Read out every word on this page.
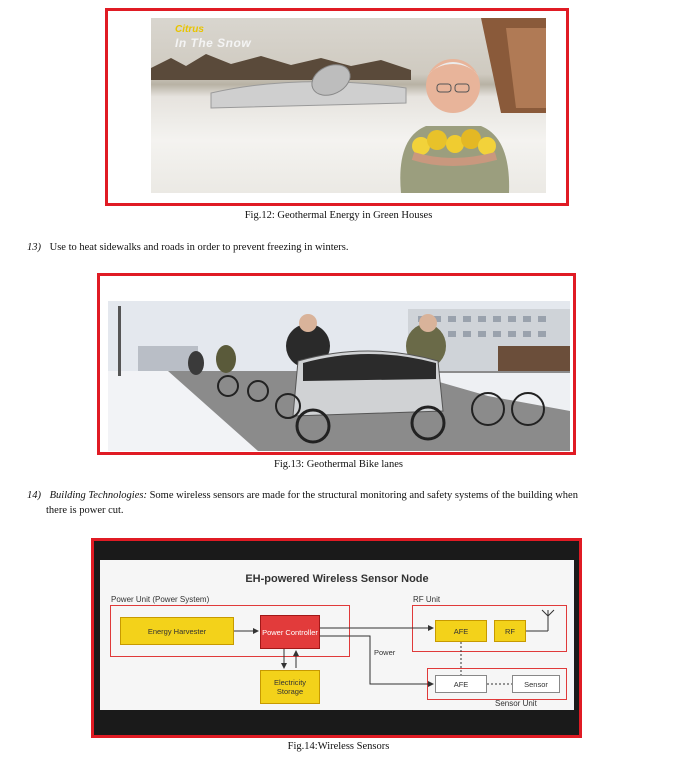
Citrus
In The Snow
Fig.12: Geothermal Energy in Green Houses
13) Use to heat sidewalks and roads in order to prevent freezing in winters.
Fig.13: Geothermal Bike lanes
14) Building Technologies: Some wireless sensors are made for the structural monitoring and safety systems of the building when
there is power cut.
EH-powered Wireless Sensor Node
Power Unit (Power System)	RF Unit
Sensor Unit
Energy Harvester	Power Controller
Electricity Storage
AFE	RF
AFE	Sensor
Power
Fig.14:Wireless Sensors
